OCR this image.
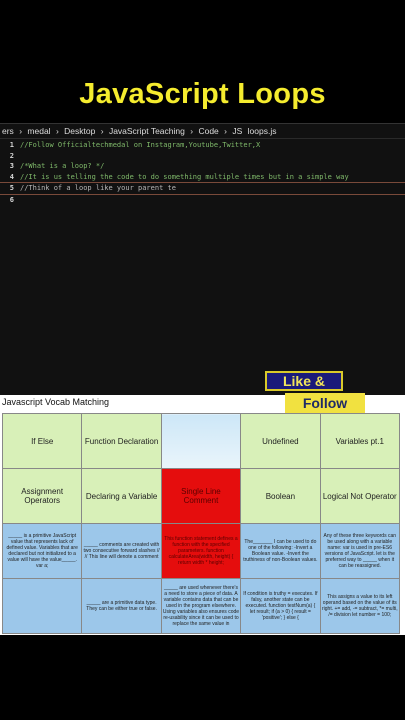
JavaScript Loops
ers › medal › Desktop › JavaScript Teaching › Code › JS loops.js
1 //Follow Officialtechmedal on Instagram,Youtube,Twitter,X
2
3 /*What is a loop? */
4 //It is us telling the code to do something multiple times but in a simple way
5 //Think of a loop like your parent te
6
Javascript Vocab Matching
If Else	Function Declaration		Undefined	Variables pt.1
Assignment Operators	Declaring a Variable	Single Line Comment	Boolean	Logical Not Operator
_____ is a primitive JavaScript value that represents lack of defined value. Variables that are declared but not initialized to a value will have the value_____. var a;	_____ comments are created with two consecutive forward slashes // // This line will denote a comment	This function statement defines a function with the specified parameters. function calculateArea(width, height) { return width * height;	The_______ I can be used to do one of the following: -Invert a Boolean value. -Invert the truthiness of non-Boolean values.	Any of these three keywords can be used along with a variable name: var is used in pre-ES6 versions of JavaScript. let is the preferred way to _____ when it can be reassigned.
	_____ are a primitive data type. They can be either true or false.	_____ are used whenever there's a need to store a piece of data. A variable contains data that can be used in the program elsewhere. Using variables also ensures code re-usability since it can be used to replace the same value in	If condition is truthy = executes. If falsy, another state can be executed. function testNum(a) { let result; if (a > 0) { result = 'positive'; } else {	This assigns a value to its left operand based on the value of its right. += add, -= subtract, *= multi, /= division let number = 100;
Like &
Follow
